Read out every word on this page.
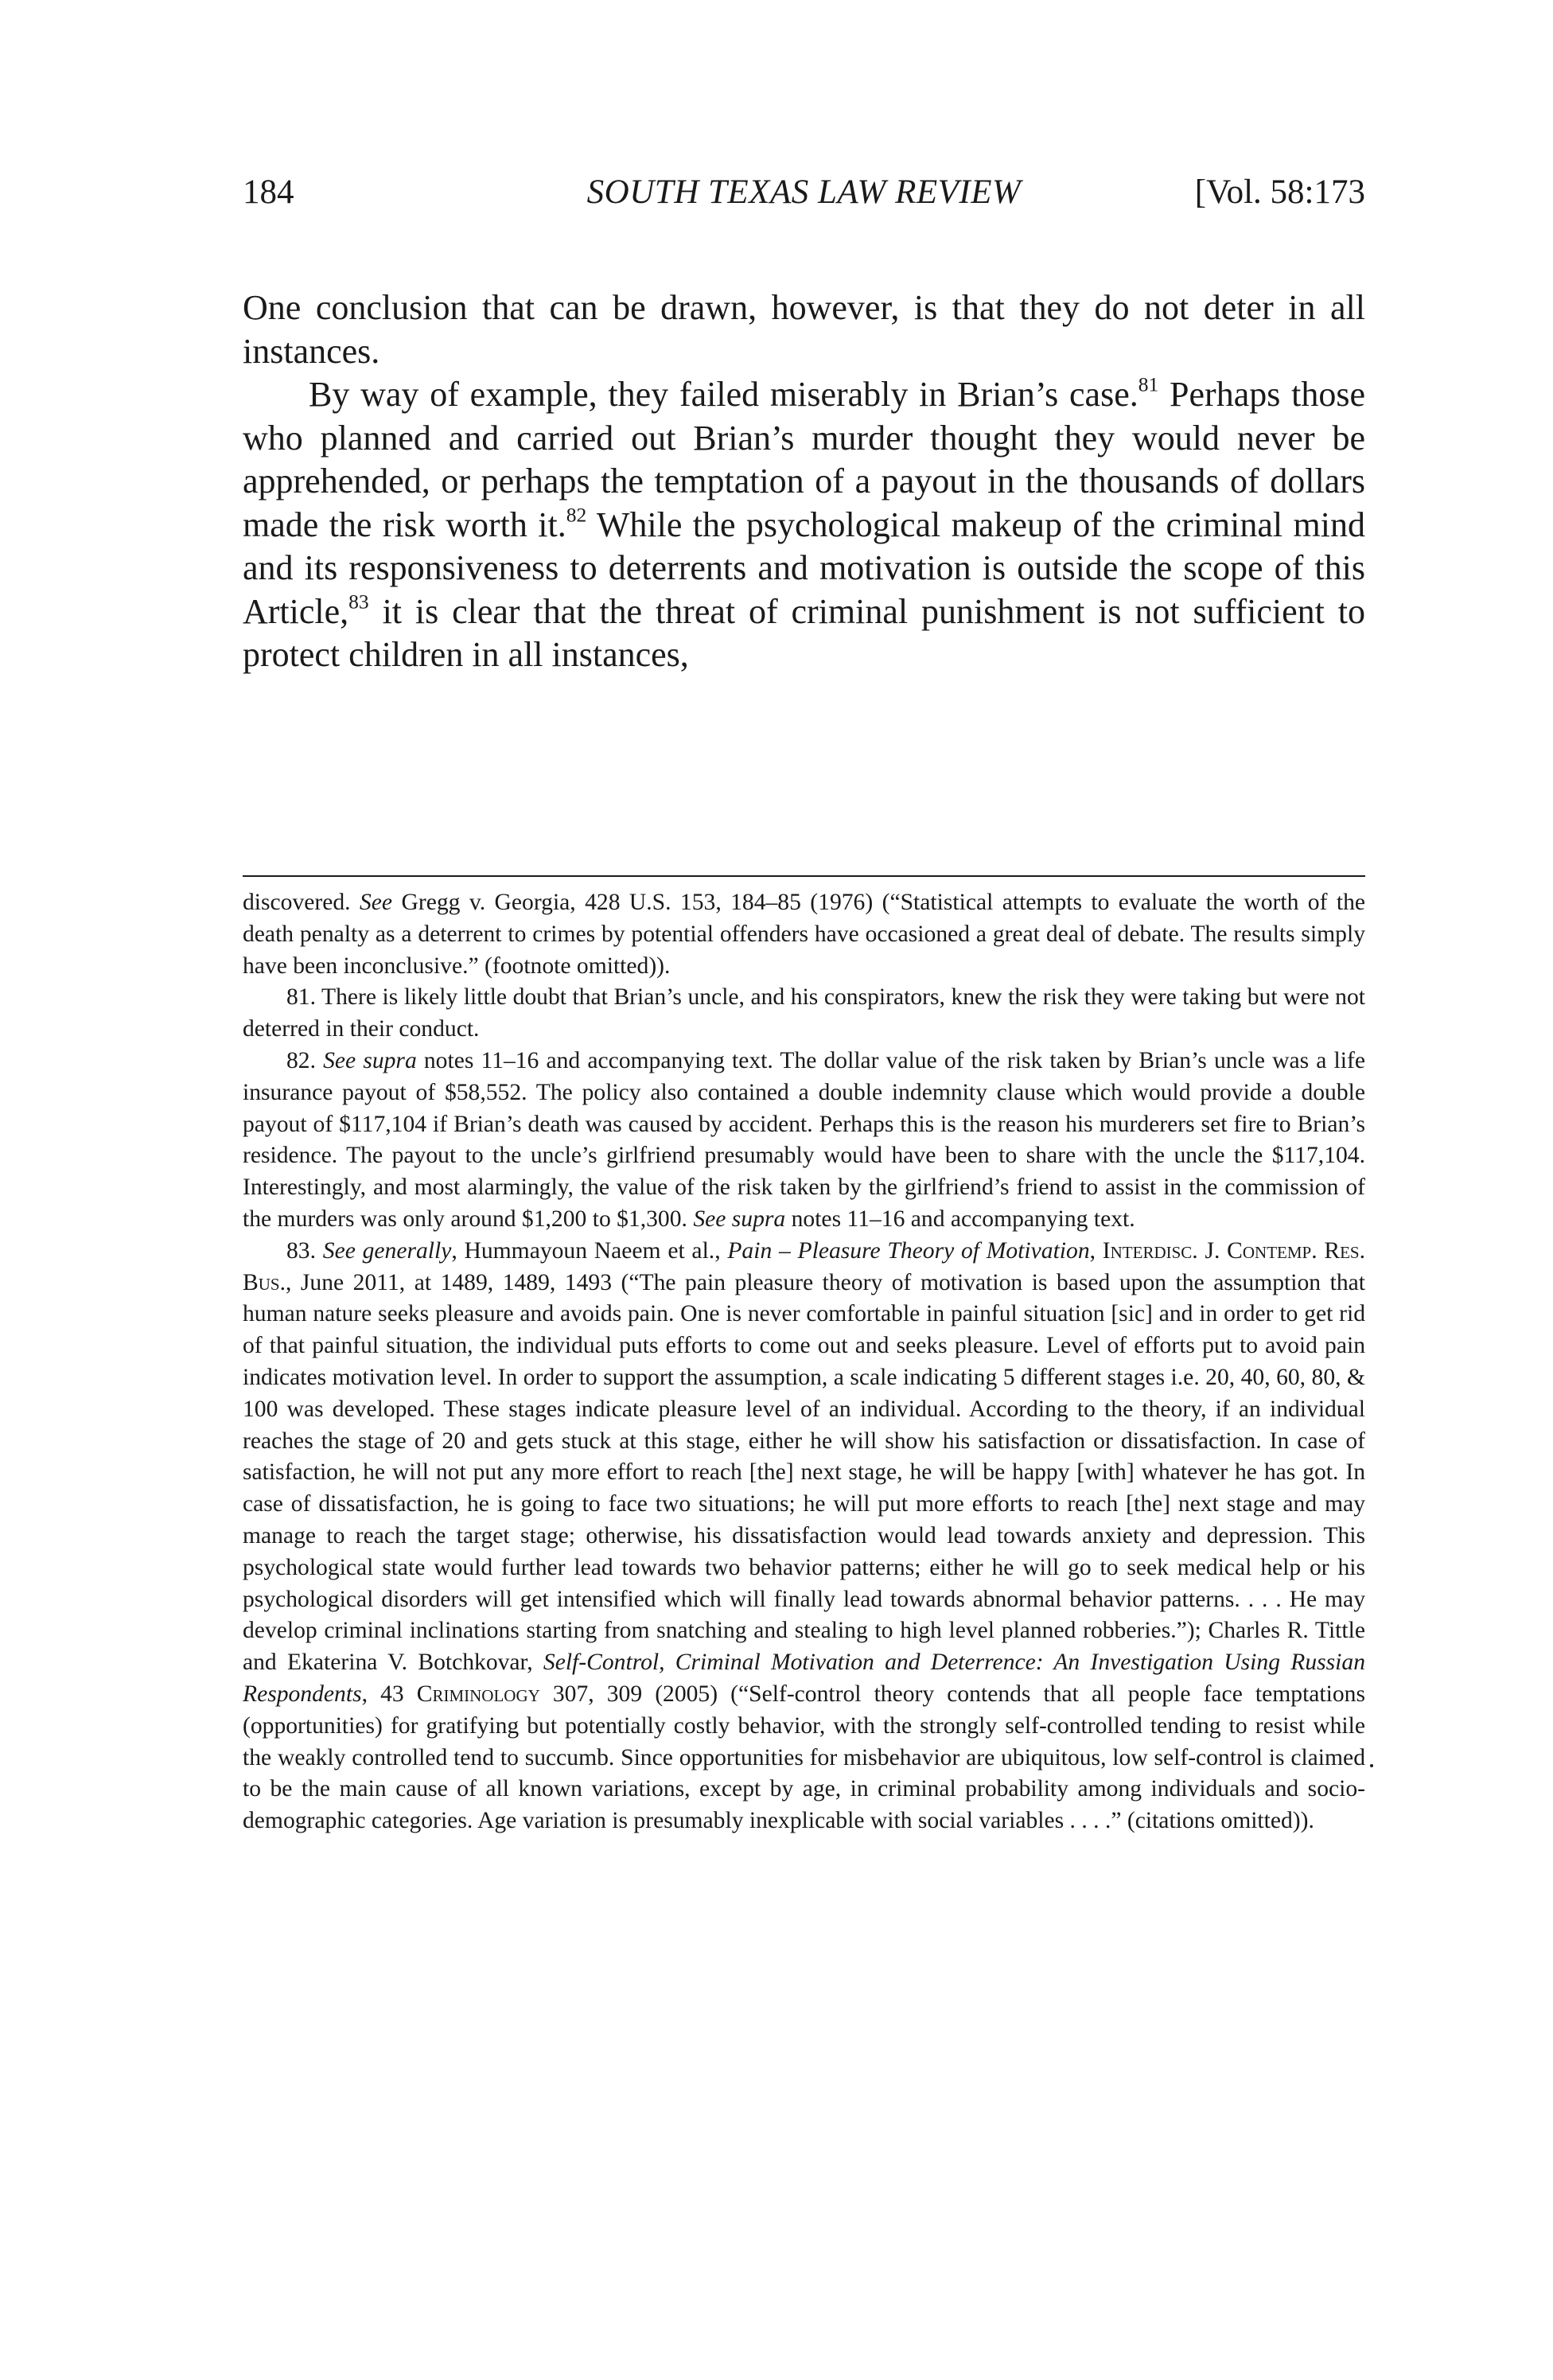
184	SOUTH TEXAS LAW REVIEW	[Vol. 58:173

One conclusion that can be drawn, however, is that they do not deter in all instances.

By way of example, they failed miserably in Brian’s case.$^{81}$ Perhaps those who planned and carried out Brian’s murder thought they would never be apprehended, or perhaps the temptation of a payout in the thousands of dollars made the risk worth it.$^{82}$ While the psychological makeup of the criminal mind and its responsiveness to deterrents and motivation is outside the scope of this Article,$^{83}$ it is clear that the threat of criminal punishment is not sufficient to protect children in all instances,

discovered. See Gregg v. Georgia, 428 U.S. 153, 184–85 (1976) (“Statistical attempts to evaluate the worth of the death penalty as a deterrent to crimes by potential offenders have occasioned a great deal of debate. The results simply have been inconclusive.” (footnote omitted)).

81. There is likely little doubt that Brian’s uncle, and his conspirators, knew the risk they were taking but were not deterred in their conduct.

82. See supra notes 11–16 and accompanying text. The dollar value of the risk taken by Brian’s uncle was a life insurance payout of $58,552. The policy also contained a double indemnity clause which would provide a double payout of $117,104 if Brian’s death was caused by accident. Perhaps this is the reason his murderers set fire to Brian’s residence. The payout to the uncle’s girlfriend presumably would have been to share with the uncle the $117,104. Interestingly, and most alarmingly, the value of the risk taken by the girlfriend’s friend to assist in the commission of the murders was only around $1,200 to $1,300. See supra notes 11–16 and accompanying text.

83. See generally, Hummayoun Naeem et al., Pain – Pleasure Theory of Motivation, Interdisc. J. Contemp. Res. Bus., June 2011, at 1489, 1489, 1493 (“The pain pleasure theory of motivation is based upon the assumption that human nature seeks pleasure and avoids pain. One is never comfortable in painful situation [sic] and in order to get rid of that painful situation, the individual puts efforts to come out and seeks pleasure. Level of efforts put to avoid pain indicates motivation level. In order to support the assumption, a scale indicating 5 different stages i.e. 20, 40, 60, 80, & 100 was developed. These stages indicate pleasure level of an individual. According to the theory, if an individual reaches the stage of 20 and gets stuck at this stage, either he will show his satisfaction or dissatisfaction. In case of satisfaction, he will not put any more effort to reach [the] next stage, he will be happy [with] whatever he has got. In case of dissatisfaction, he is going to face two situations; he will put more efforts to reach [the] next stage and may manage to reach the target stage; otherwise, his dissatisfaction would lead towards anxiety and depression. This psychological state would further lead towards two behavior patterns; either he will go to seek medical help or his psychological disorders will get intensified which will finally lead towards abnormal behavior patterns. . . . He may develop criminal inclinations starting from snatching and stealing to high level planned robberies.”); Charles R. Tittle and Ekaterina V. Botchkovar, Self-Control, Criminal Motivation and Deterrence: An Investigation Using Russian Respondents, 43 Criminology 307, 309 (2005) (“Self-control theory contends that all people face temptations (opportunities) for gratifying but potentially costly behavior, with the strongly self-controlled tending to resist while the weakly controlled tend to succumb. Since opportunities for misbehavior are ubiquitous, low self-control is claimed to be the main cause of all known variations, except by age, in criminal probability among individuals and socio-demographic categories. Age variation is presumably inexplicable with social variables . . . .” (citations omitted)).
